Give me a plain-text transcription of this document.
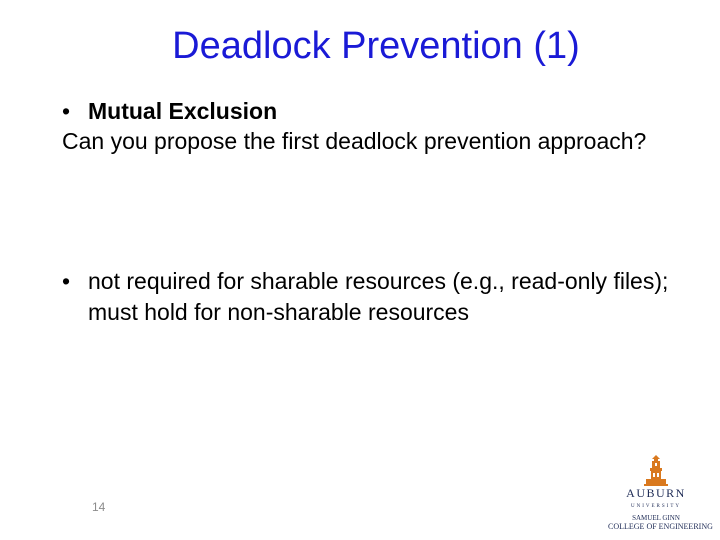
Deadlock Prevention (1)
• Mutual Exclusion
Can you propose the first deadlock prevention approach?
• not required for sharable resources (e.g., read-only files); must hold for non-sharable resources
14
AUBURN
UNIVERSITY
SAMUEL GINN
COLLEGE OF ENGINEERING
